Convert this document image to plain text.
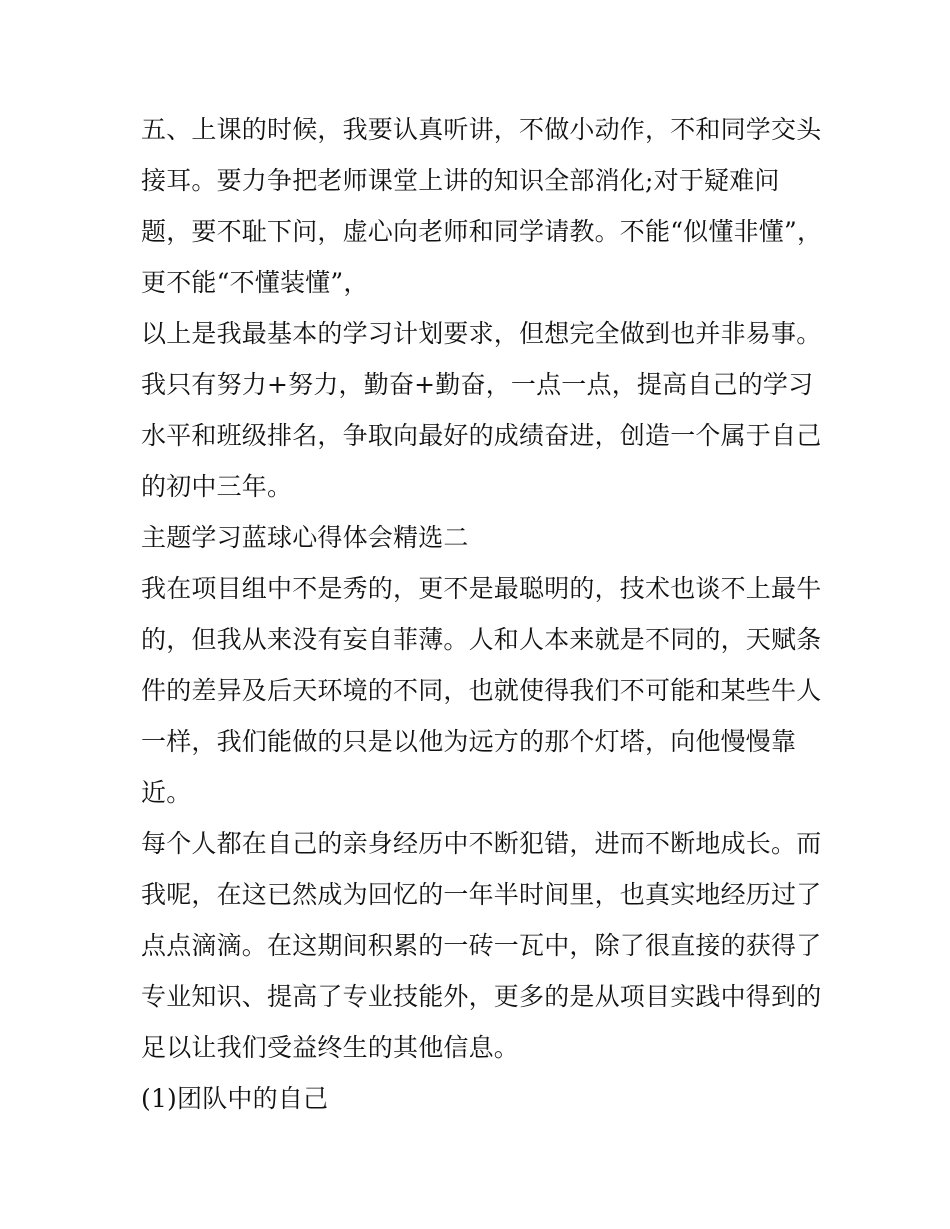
五、上课的时候，我要认真听讲，不做小动作，不和同学交头
接耳。要力争把老师课堂上讲的知识全部消化;对于疑难问
题，要不耻下问，虚心向老师和同学请教。不能“似懂非懂”，
更不能“不懂装懂”，
以上是我最基本的学习计划要求，但想完全做到也并非易事。
我只有努力+努力，勤奋+勤奋，一点一点，提高自己的学习
水平和班级排名，争取向最好的成绩奋进，创造一个属于自己
的初中三年。
主题学习蓝球心得体会精选二
我在项目组中不是秀的，更不是最聪明的，技术也谈不上最牛
的，但我从来没有妄自菲薄。人和人本来就是不同的，天赋条
件的差异及后天环境的不同，也就使得我们不可能和某些牛人
一样，我们能做的只是以他为远方的那个灯塔，向他慢慢靠
近。
每个人都在自己的亲身经历中不断犯错，进而不断地成长。而
我呢，在这已然成为回忆的一年半时间里，也真实地经历过了
点点滴滴。在这期间积累的一砖一瓦中，除了很直接的获得了
专业知识、提高了专业技能外，更多的是从项目实践中得到的
足以让我们受益终生的其他信息。
(1)团队中的自己
